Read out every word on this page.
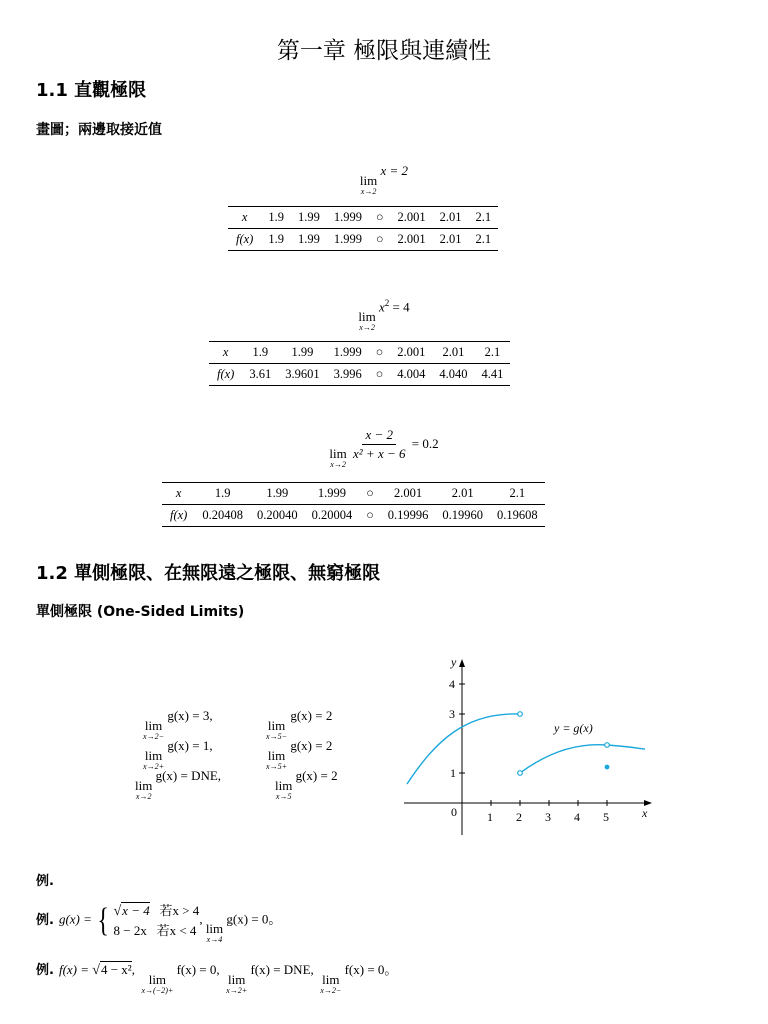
第一章 極限與連續性
1.1 直觀極限
畫圖；兩邊取接近值
lim
x→2
x = 2
x	1.9	1.99	1.999	○	2.001	2.01	2.1
f(x)	1.9	1.99	1.999	○	2.001	2.01	2.1
lim
x→2
$x^2 = 4$
x	1.9	1.99	1.999	○	2.001	2.01	2.1
f(x)	3.61	3.9601	3.996	○	4.004	4.040	4.41
lim
x→2

$\frac{x - 2}{\text{x² + x − 6}} = 0.2$
x	1.9	1.99	1.999	○	2.001	2.01	2.1
f(x)	0.20408	0.20040	0.20004	○	0.19996	0.19960	0.19608
1.2 單側極限、在無限遠之極限、無窮極限
單側極限 (One-Sided Limits)
lim
x→2−
g(x) = 3,
lim
x→5−
g(x) = 2
lim
x→2+
g(x) = 1,
lim
x→5+
g(x) = 2
lim
x→2
g(x) = DNE,
lim
x→5
g(x) = 2
1 2 3 4 5
1
3
4
0
y
x
y = g(x)
例.
例. g(x) = { √x − 4 若x > 4
8 − 2x 若x < 4
,
lim
x→4
g(x) = 0。
例. f(x) = √4 − x²,
lim
x→(−2)+
f(x) = 0,
lim
x→2+
f(x) = DNE,
lim
x→2−
f(x) = 0。
